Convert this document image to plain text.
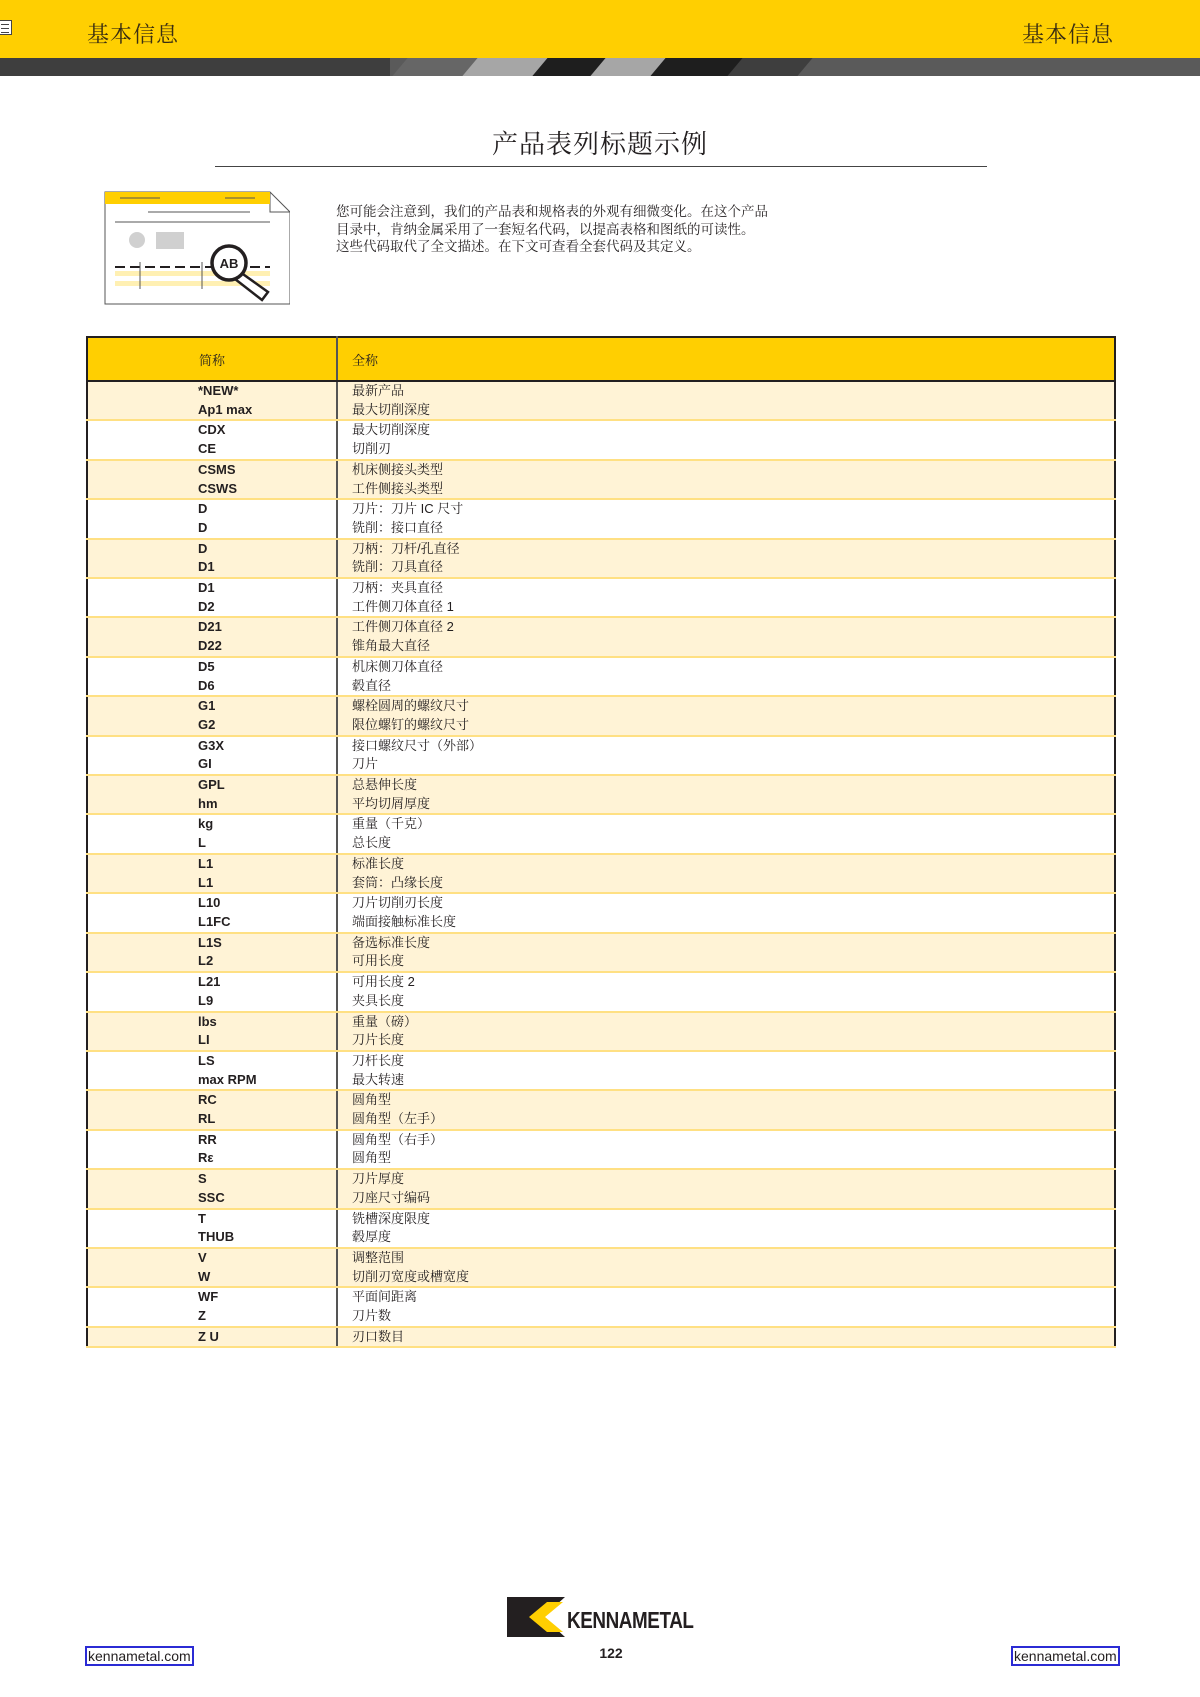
基本信息	基本信息
产品表列标题示例
AB

您可能会注意到，我们的产品表和规格表的外观有细微变化。在这个产品

目录中，肯纳金属采用了一套短名代码，以提高表格和图纸的可读性。

这些代码取代了全文描述。在下文可查看全套代码及其定义。

简称	全称
*NEW*	最新产品
Ap1 max	最大切削深度
CDX	最大切削深度
CE	切削刃
CSMS	机床侧接头类型
CSWS	工件侧接头类型
D	刀片：刀片 IC 尺寸
D	铣削：接口直径
D	刀柄：刀杆/孔直径
D1	铣削：刀具直径
D1	刀柄：夹具直径
D2	工件侧刀体直径 1
D21	工件侧刀体直径 2
D22	锥角最大直径
D5	机床侧刀体直径
D6	毂直径
G1	螺栓圆周的螺纹尺寸
G2	限位螺钉的螺纹尺寸
G3X	接口螺纹尺寸（外部）
GI	刀片
GPL	总悬伸长度
hm	平均切屑厚度
kg	重量（千克）
L	总长度
L1	标准长度
L1	套筒：凸缘长度
L10	刀片切削刃长度
L1FC	端面接触标准长度
L1S	备选标准长度
L2	可用长度
L21	可用长度 2
L9	夹具长度
lbs	重量（磅）
LI	刀片长度
LS	刀杆长度
max RPM	最大转速
RC	圆角型
RL	圆角型（左手）
RR	圆角型（右手）
Rε	圆角型
S	刀片厚度
SSC	刀座尺寸编码
T	铣槽深度限度
THUB	毂厚度
V	调整范围
W	切削刃宽度或槽宽度
WF	平面间距离
Z	刀片数
Z U	刃口数目
KENNAMETAL
122
kennametal.com	kennametal.com
